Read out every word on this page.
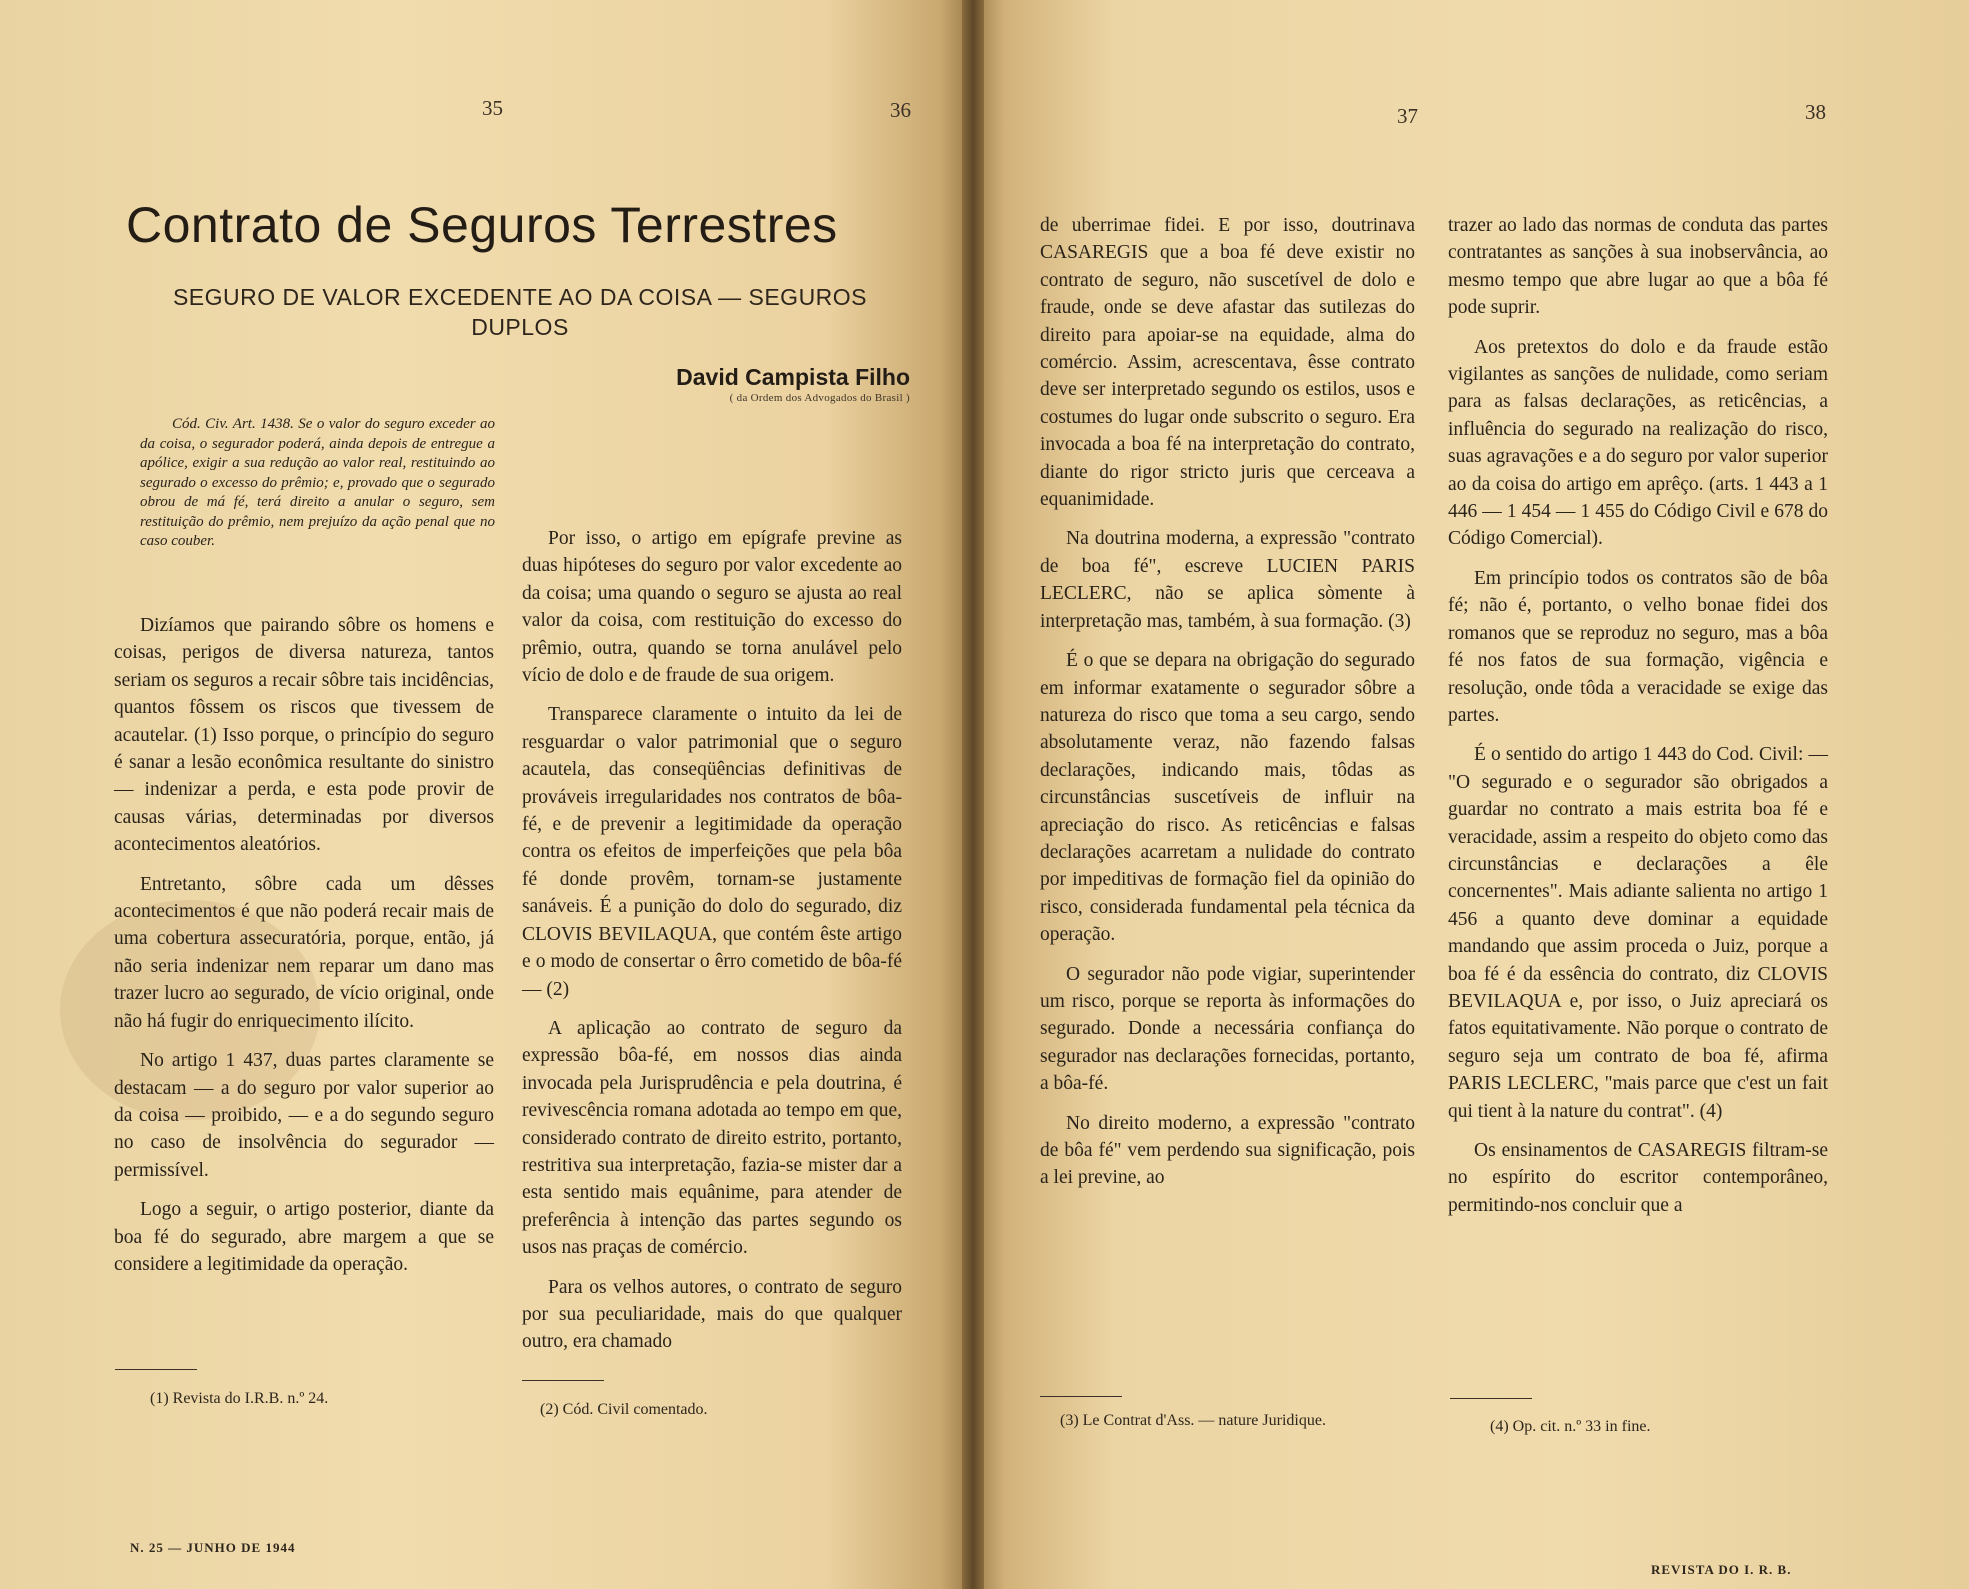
35	36
Contrato de Seguros Terrestres
SEGURO DE VALOR EXCEDENTE AO DA COISA — SEGUROS DUPLOS
David Campista Filho
( da Ordem dos Advogados do Brasil )

Cód. Civ. Art. 1438. Se o valor do seguro exceder ao da coisa, o segurador poderá, ainda depois de entregue a apólice, exigir a sua redução ao valor real, restituindo ao segurado o excesso do prêmio; e, provado que o segurado obrou de má fé, terá direito a anular o seguro, sem restituição do prêmio, nem prejuízo da ação penal que no caso couber.

Dizíamos que pairando sôbre os homens e coisas, perigos de diversa natureza, tantos seriam os seguros a recair sôbre tais incidências, quantos fôssem os riscos que tivessem de acautelar. (1) Isso porque, o princípio do seguro é sanar a lesão econômica resultante do sinistro — indenizar a perda, e esta pode provir de causas várias, determinadas por diversos acontecimentos aleatórios.

Entretanto, sôbre cada um dêsses acontecimentos é que não poderá recair mais de uma cobertura assecuratória, porque, então, já não seria indenizar nem reparar um dano mas trazer lucro ao segurado, de vício original, onde não há fugir do enriquecimento ilícito.

No artigo 1 437, duas partes claramente se destacam — a do seguro por valor superior ao da coisa — proibido, — e a do segundo seguro no caso de insolvência do segurador — permissível.

Logo a seguir, o artigo posterior, diante da boa fé do segurado, abre margem a que se considere a legitimidade da operação.

(1) Revista do I.R.B. n.º 24.

Por isso, o artigo em epígrafe previne as duas hipóteses do seguro por valor excedente ao da coisa; uma quando o seguro se ajusta ao real valor da coisa, com restituição do excesso do prêmio, outra, quando se torna anulável pelo vício de dolo e de fraude de sua origem.

Transparece claramente o intuito da lei de resguardar o valor patrimonial que o seguro acautela, das conseqüências definitivas de prováveis irregularidades nos contratos de bôa-fé, e de prevenir a legitimidade da operação contra os efeitos de imperfeições que pela bôa fé donde provêm, tornam-se justamente sanáveis. É a punição do dolo do segurado, diz CLOVIS BEVILAQUA, que contém êste artigo e o modo de consertar o êrro cometido de bôa-fé — (2)

A aplicação ao contrato de seguro da expressão bôa-fé, em nossos dias ainda invocada pela Jurisprudência e pela doutrina, é revivescência romana adotada ao tempo em que, considerado contrato de direito estrito, portanto, restritiva sua interpretação, fazia-se mister dar a esta sentido mais equânime, para atender de preferência à intenção das partes segundo os usos nas praças de comércio.

Para os velhos autores, o contrato de seguro por sua peculiaridade, mais do que qualquer outro, era chamado

(2) Cód. Civil comentado.
N. 25 — JUNHO DE 1944
37	38

de uberrimae fidei. E por isso, doutrinava CASAREGIS que a boa fé deve existir no contrato de seguro, não suscetível de dolo e fraude, onde se deve afastar das sutilezas do direito para apoiar-se na equidade, alma do comércio. Assim, acrescentava, êsse contrato deve ser interpretado segundo os estilos, usos e costumes do lugar onde subscrito o seguro. Era invocada a boa fé na interpretação do contrato, diante do rigor stricto juris que cerceava a equanimidade.

Na doutrina moderna, a expressão "contrato de boa fé", escreve LUCIEN PARIS LECLERC, não se aplica sòmente à interpretação mas, também, à sua formação. (3)

É o que se depara na obrigação do segurado em informar exatamente o segurador sôbre a natureza do risco que toma a seu cargo, sendo absolutamente veraz, não fazendo falsas declarações, indicando mais, tôdas as circunstâncias suscetíveis de influir na apreciação do risco. As reticências e falsas declarações acarretam a nulidade do contrato por impeditivas de formação fiel da opinião do risco, considerada fundamental pela técnica da operação.

O segurador não pode vigiar, superintender um risco, porque se reporta às informações do segurado. Donde a necessária confiança do segurador nas declarações fornecidas, portanto, a bôa-fé.

No direito moderno, a expressão "contrato de bôa fé" vem perdendo sua significação, pois a lei previne, ao

(3) Le Contrat d'Ass. — nature Juridique.

trazer ao lado das normas de conduta das partes contratantes as sanções à sua inobservância, ao mesmo tempo que abre lugar ao que a bôa fé pode suprir.

Aos pretextos do dolo e da fraude estão vigilantes as sanções de nulidade, como seriam para as falsas declarações, as reticências, a influência do segurado na realização do risco, suas agravações e a do seguro por valor superior ao da coisa do artigo em aprêço. (arts. 1 443 a 1 446 — 1 454 — 1 455 do Código Civil e 678 do Código Comercial).

Em princípio todos os contratos são de bôa fé; não é, portanto, o velho bonae fidei dos romanos que se reproduz no seguro, mas a bôa fé nos fatos de sua formação, vigência e resolução, onde tôda a veracidade se exige das partes.

É o sentido do artigo 1 443 do Cod. Civil: — "O segurado e o segurador são obrigados a guardar no contrato a mais estrita boa fé e veracidade, assim a respeito do objeto como das circunstâncias e declarações a êle concernentes". Mais adiante salienta no artigo 1 456 a quanto deve dominar a equidade mandando que assim proceda o Juiz, porque a boa fé é da essência do contrato, diz CLOVIS BEVILAQUA e, por isso, o Juiz apreciará os fatos equitativamente. Não porque o contrato de seguro seja um contrato de boa fé, afirma PARIS LECLERC, "mais parce que c'est un fait qui tient à la nature du contrat". (4)

Os ensinamentos de CASAREGIS filtram-se no espírito do escritor contemporâneo, permitindo-nos concluir que a

(4) Op. cit. n.º 33 in fine.
REVISTA DO I. R. B.
